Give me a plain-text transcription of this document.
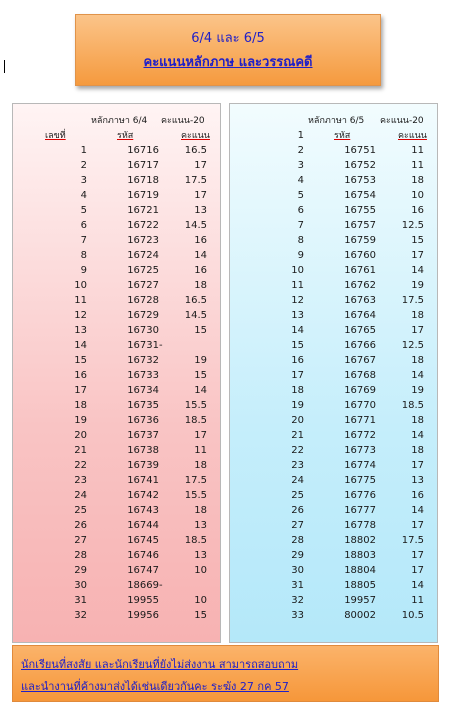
6/4 และ 6/5
คะแนนหลักภาษ และวรรณคดี
หลักภาษา 6/4 คะแนน-20
เลขที่	รหัส	คะแนน
1	16716	16.5
2	16717	17
3	16718	17.5
4	16719	17
5	16721	13
6	16722	14.5
7	16723	16
8	16724	14
9	16725	16
10	16727	18
11	16728	16.5
12	16729	14.5
13	16730	15
14	16731 -
15	16732	19
16	16733	15
17	16734	14
18	16735	15.5
19	16736	18.5
20	16737	17
21	16738	11
22	16739	18
23	16741	17.5
24	16742	15.5
25	16743	18
26	16744	13
27	16745	18.5
28	16746	13
29	16747	10
30	18669 -
31	19955	10
32	19956	15
หลักภาษา 6/5 คะแนน-20
รหัส	คะแนน
1
2	16751	11
3	16752	11
4	16753	18
5	16754	10
6	16755	16
7	16757	12.5
8	16759	15
9	16760	17
10	16761	14
11	16762	19
12	16763	17.5
13	16764	18
14	16765	17
15	16766	12.5
16	16767	18
17	16768	14
18	16769	19
19	16770	18.5
20	16771	18
21	16772	14
22	16773	18
23	16774	17
24	16775	13
25	16776	16
26	16777	14
27	16778	17
28	18802	17.5
29	18803	17
30	18804	17
31	18805	14
32	19957	11
33	80002	10.5
นักเรียนที่สงสัย และนักเรียนที่ยังไม่ส่งงาน สามารถสอบถาม
และนำงานที่ค้างมาส่งได้เช่นเดียวกันคะ ระฆัง 27 กค 57
